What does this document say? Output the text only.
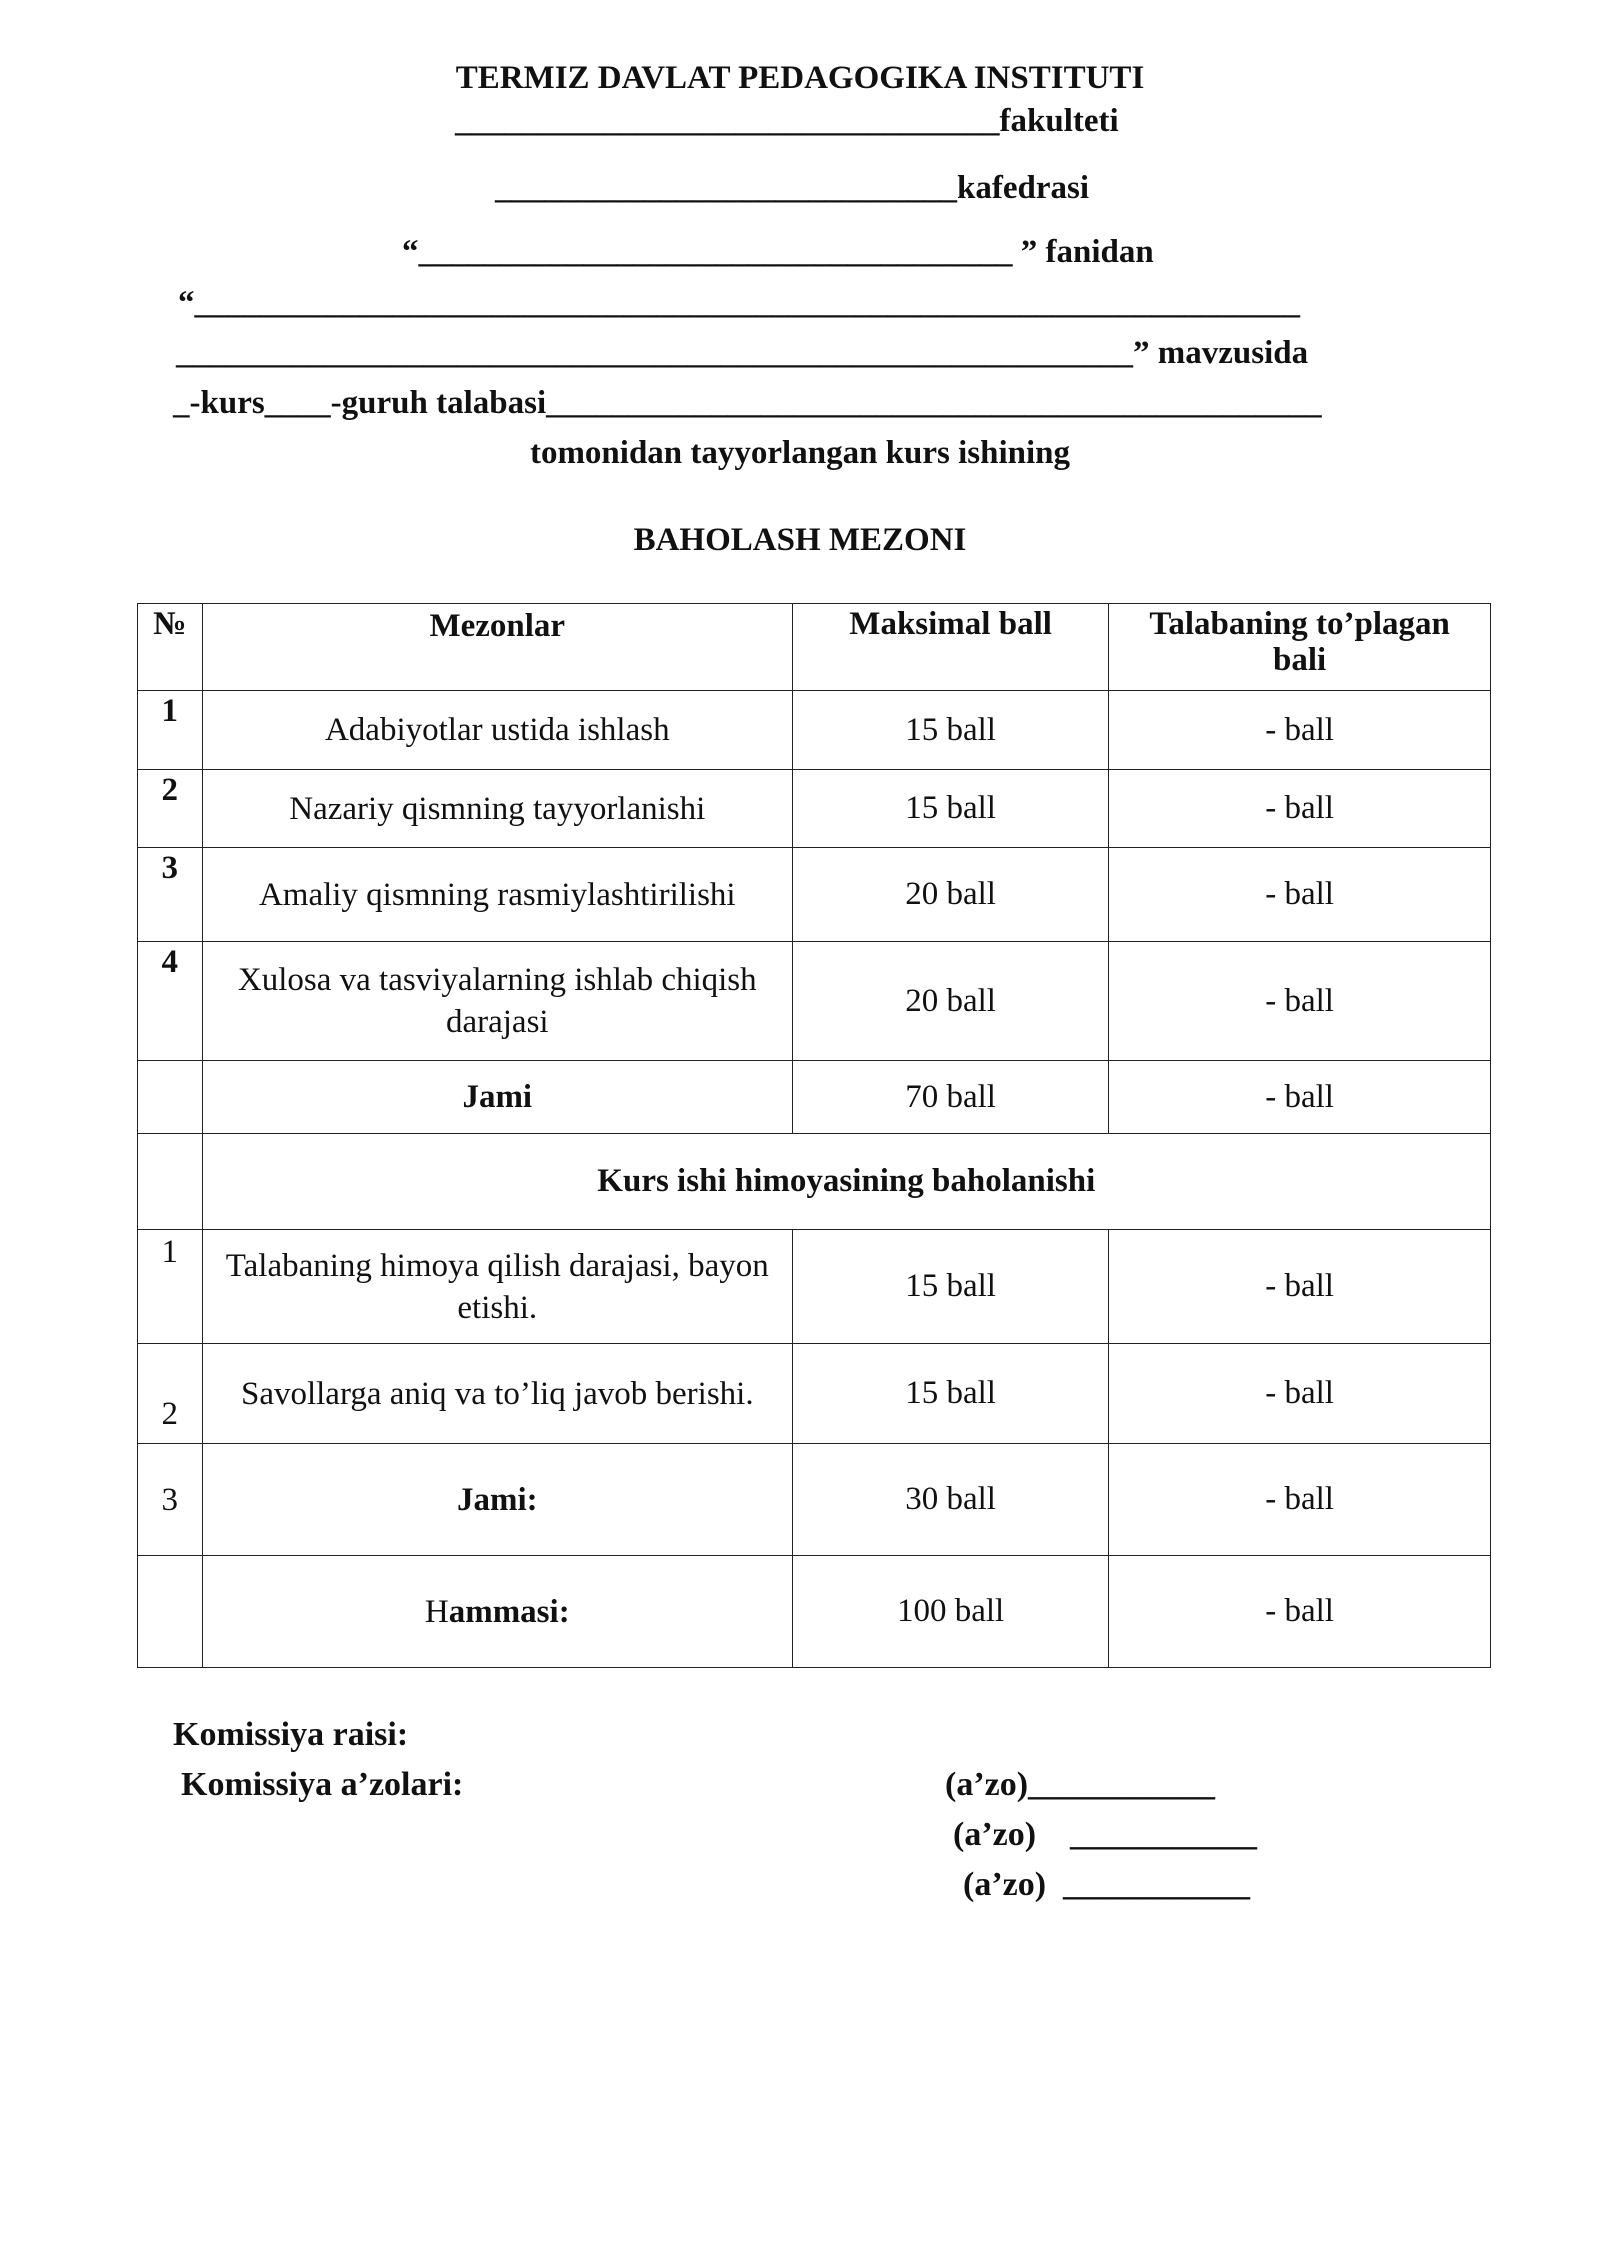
TERMIZ DAVLAT PEDAGOGIKA INSTITUTI
_________________________________fakulteti
____________________________kafedrasi
“____________________________________ ” fanidan
“___________________________________________________________________
__________________________________________________________” mavzusida
_-kurs____-guruh talabasi_______________________________________________
tomonidan tayyorlangan kurs ishining
BAHOLASH MEZONI
№	Mezonlar	Maksimal ball	Talabaning to’plagan bali
1	Adabiyotlar ustida ishlash	15 ball	- ball
2	Nazariy qismning tayyorlanishi	15 ball	- ball
3	Amaliy qismning rasmiylashtirilishi	20 ball	- ball
4	Xulosa va tasviyalarning ishlab chiqish darajasi	20 ball	- ball
	Jami	70 ball	- ball
	Kurs ishi himoyasining baholanishi		
1	Talabaning himoya qilish darajasi, bayon etishi.	15 ball	- ball
2	Savollarga aniq va to’liq javob berishi.	15 ball	- ball
3	Jami:	30 ball	- ball
	Hammasi:	100 ball	- ball
Komissiya raisi:
Komissiya a’zolari:	(a’zo)___________
(a’zo)    ___________
(a’zo)  ___________
